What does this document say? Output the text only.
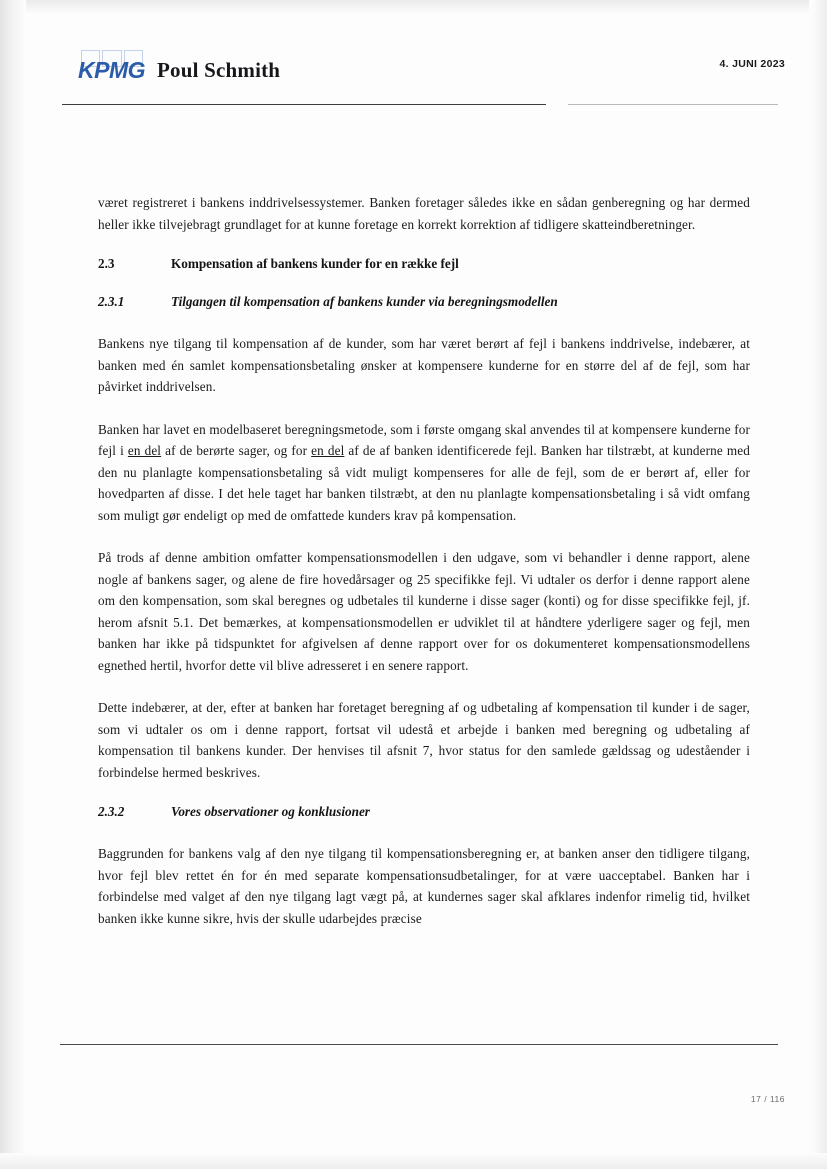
KPMG Poul Schmith	4. JUNI 2023

været registreret i bankens inddrivelsessystemer. Banken foretager således ikke en sådan genberegning og har dermed heller ikke tilvejebragt grundlaget for at kunne foretage en korrekt korrektion af tidligere skatteindberetninger.

2.3	Kompensation af bankens kunder for en række fejl
2.3.1	Tilgangen til kompensation af bankens kunder via beregningsmodellen

Bankens nye tilgang til kompensation af de kunder, som har været berørt af fejl i bankens inddrivelse, indebærer, at banken med én samlet kompensationsbetaling ønsker at kompensere kunderne for en større del af de fejl, som har påvirket inddrivelsen.

Banken har lavet en modelbaseret beregningsmetode, som i første omgang skal anvendes til at kompensere kunderne for fejl i en del af de berørte sager, og for en del af de af banken identificerede fejl. Banken har tilstræbt, at kunderne med den nu planlagte kompensationsbetaling så vidt muligt kompenseres for alle de fejl, som de er berørt af, eller for hovedparten af disse. I det hele taget har banken tilstræbt, at den nu planlagte kompensationsbetaling i så vidt omfang som muligt gør endeligt op med de omfattede kunders krav på kompensation.

På trods af denne ambition omfatter kompensationsmodellen i den udgave, som vi behandler i denne rapport, alene nogle af bankens sager, og alene de fire hovedårsager og 25 specifikke fejl. Vi udtaler os derfor i denne rapport alene om den kompensation, som skal beregnes og udbetales til kunderne i disse sager (konti) og for disse specifikke fejl, jf. herom afsnit 5.1. Det bemærkes, at kompensationsmodellen er udviklet til at håndtere yderligere sager og fejl, men banken har ikke på tidspunktet for afgivelsen af denne rapport over for os dokumenteret kompensationsmodellens egnethed hertil, hvorfor dette vil blive adresseret i en senere rapport.

Dette indebærer, at der, efter at banken har foretaget beregning af og udbetaling af kompensation til kunder i de sager, som vi udtaler os om i denne rapport, fortsat vil udestå et arbejde i banken med beregning og udbetaling af kompensation til bankens kunder. Der henvises til afsnit 7, hvor status for den samlede gældssag og udeståender i forbindelse hermed beskrives.

2.3.2	Vores observationer og konklusioner

Baggrunden for bankens valg af den nye tilgang til kompensationsberegning er, at banken anser den tidligere tilgang, hvor fejl blev rettet én for én med separate kompensationsudbetalinger, for at være uacceptabel. Banken har i forbindelse med valget af den nye tilgang lagt vægt på, at kundernes sager skal afklares indenfor rimelig tid, hvilket banken ikke kunne sikre, hvis der skulle udarbejdes præcise

17 / 116
